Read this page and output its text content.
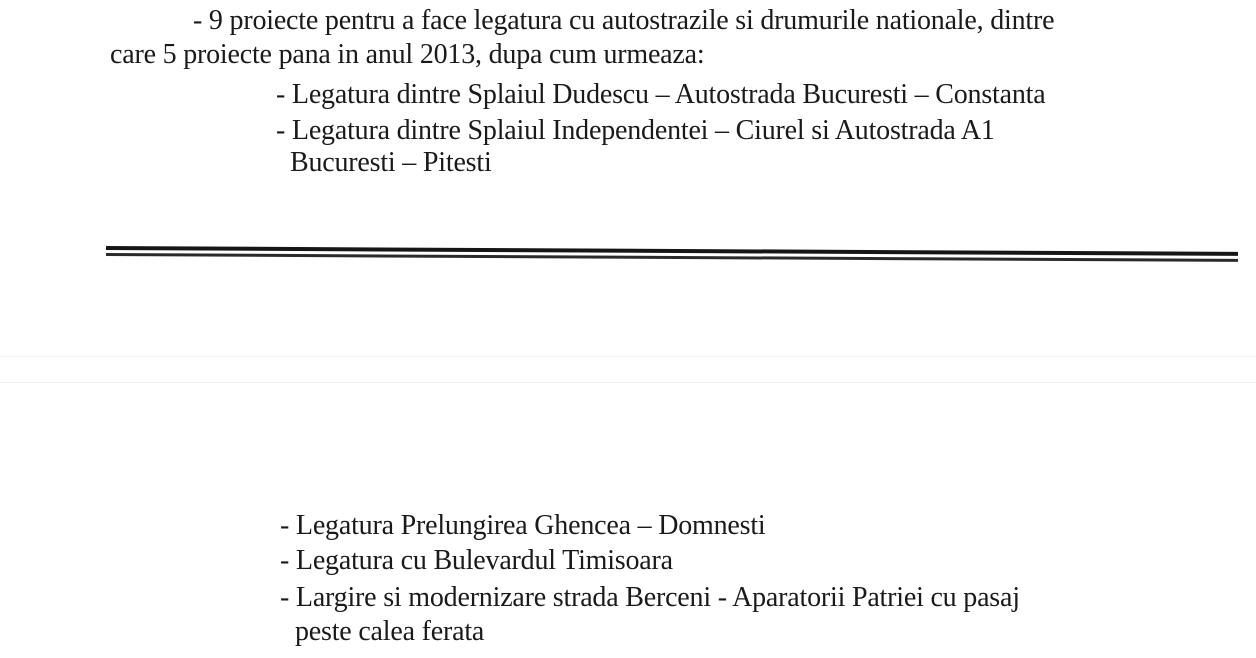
- 9 proiecte pentru a face legatura cu autostrazile si drumurile nationale, dintre
care 5 proiecte pana in anul 2013, dupa cum urmeaza:
- Legatura dintre Splaiul Dudescu – Autostrada Bucuresti – Constanta
- Legatura dintre Splaiul Independentei – Ciurel si Autostrada A1
Bucuresti – Pitesti
- Legatura Prelungirea Ghencea – Domnesti
- Legatura cu Bulevardul Timisoara
- Largire si modernizare strada Berceni - Aparatorii Patriei cu pasaj
peste calea ferata
